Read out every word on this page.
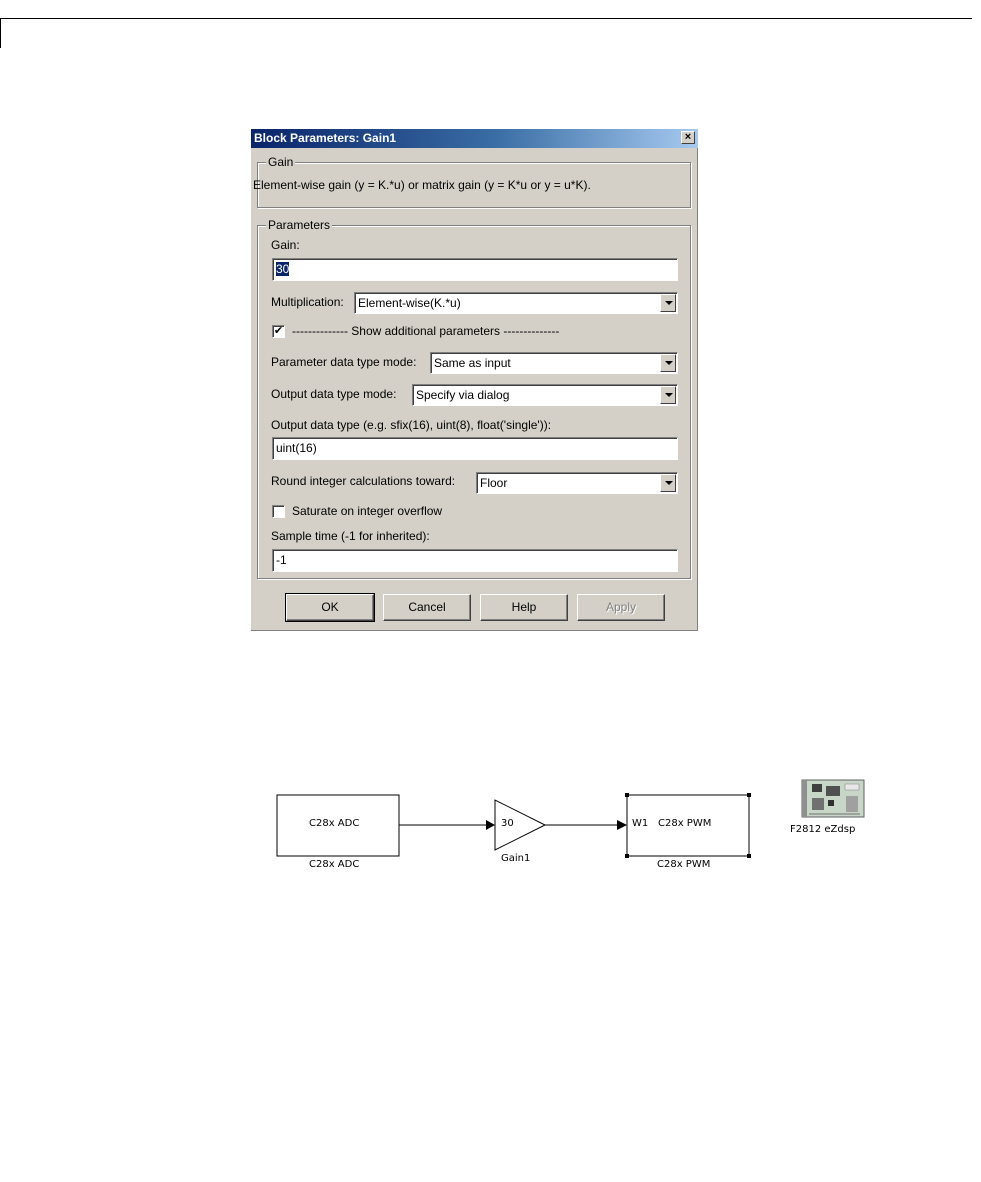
Block Parameters: Gain1	×
Gain
Element-wise gain (y = K.*u) or matrix gain (y = K*u or y = u*K).
Parameters
Gain:
30
Multiplication:	Element-wise(K.*u)
✔ -------------- Show additional parameters --------------
Parameter data type mode:	Same as input
Output data type mode:	Specify via dialog
Output data type (e.g. sfix(16), uint(8), float('single')):
uint(16)
Round integer calculations toward:	Floor
Saturate on integer overflow
Sample time (-1 for inherited):
-1
OK	Cancel	Help	Apply
C28x ADC
C28x ADC
30
Gain1
W1 C28x PWM
C28x PWM
F2812 eZdsp
